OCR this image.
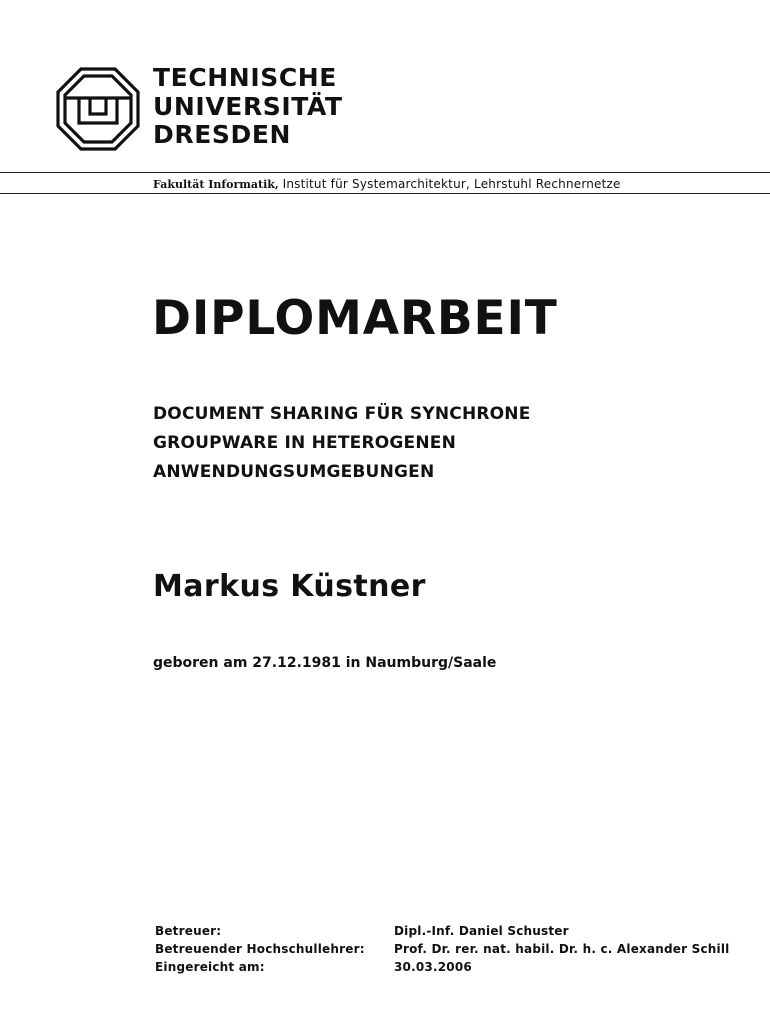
TECHNISCHE
UNIVERSITÄT
DRESDEN
Fakultät Informatik, Institut für Systemarchitektur, Lehrstuhl Rechnernetze
DIPLOMARBEIT
DOCUMENT SHARING FÜR SYNCHRONE
GROUPWARE IN HETEROGENEN
ANWENDUNGSUMGEBUNGEN
Markus Küstner
geboren am 27.12.1981 in Naumburg/Saale
Betreuer:	Dipl.-Inf. Daniel Schuster
Betreuender Hochschullehrer:	Prof. Dr. rer. nat. habil. Dr. h. c. Alexander Schill
Eingereicht am:	30.03.2006
